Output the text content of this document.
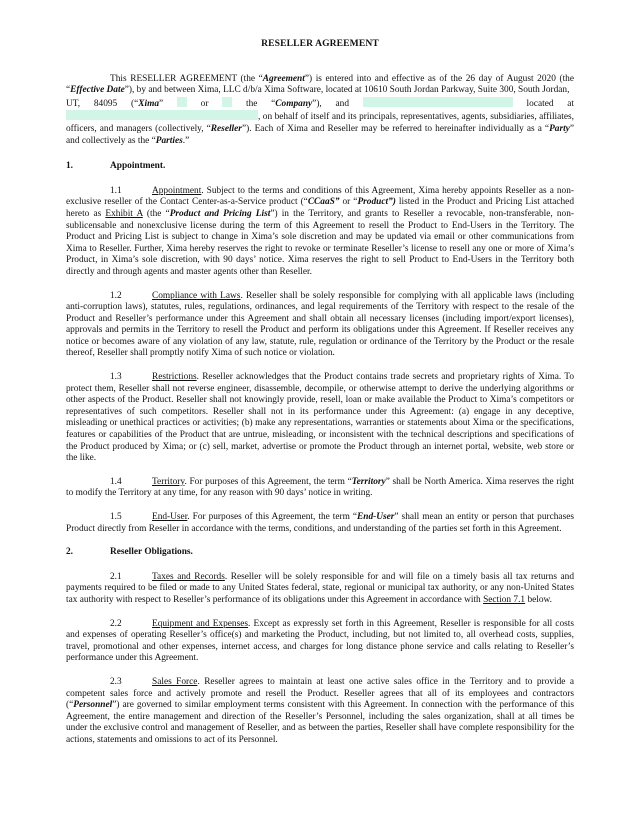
RESELLER AGREEMENT

This RESELLER AGREEMENT (the “Agreement”) is entered into and effective as of the 26 day of August 2020 (the “Effective Date”), by and between Xima, LLC d/b/a Xima Software, located at 10610 South Jordan Parkway, Suite 300, South Jordan,

UT, 84095 (“Xima”	or	the “Company”), and	located at

, on behalf of itself and its principals, representatives, agents, subsidiaries, affiliates, officers, and managers (collectively, “Reseller”). Each of Xima and Reseller may be referred to hereinafter individually as a “Party” and collectively as the “Parties.”

1.	Appointment.

1.1	Appointment. Subject to the terms and conditions of this Agreement, Xima hereby appoints Reseller as a non-exclusive reseller of the Contact Center-as-a-Service product (“CCaaS” or “Product”) listed in the Product and Pricing List attached hereto as Exhibit A (the “Product and Pricing List”) in the Territory, and grants to Reseller a revocable, non-transferable, non-sublicensable and nonexclusive license during the term of this Agreement to resell the Product to End-Users in the Territory. The Product and Pricing List is subject to change in Xima’s sole discretion and may be updated via email or other communications from Xima to Reseller. Further, Xima hereby reserves the right to revoke or terminate Reseller’s license to resell any one or more of Xima’s Product, in Xima’s sole discretion, with 90 days’ notice. Xima reserves the right to sell Product to End-Users in the Territory both directly and through agents and master agents other than Reseller.

1.2	Compliance with Laws. Reseller shall be solely responsible for complying with all applicable laws (including anti-corruption laws), statutes, rules, regulations, ordinances, and legal requirements of the Territory with respect to the resale of the Product and Reseller’s performance under this Agreement and shall obtain all necessary licenses (including import/export licenses), approvals and permits in the Territory to resell the Product and perform its obligations under this Agreement. If Reseller receives any notice or becomes aware of any violation of any law, statute, rule, regulation or ordinance of the Territory by the Product or the resale thereof, Reseller shall promptly notify Xima of such notice or violation.

1.3	Restrictions. Reseller acknowledges that the Product contains trade secrets and proprietary rights of Xima. To protect them, Reseller shall not reverse engineer, disassemble, decompile, or otherwise attempt to derive the underlying algorithms or other aspects of the Product. Reseller shall not knowingly provide, resell, loan or make available the Product to Xima’s competitors or representatives of such competitors. Reseller shall not in its performance under this Agreement: (a) engage in any deceptive, misleading or unethical practices or activities; (b) make any representations, warranties or statements about Xima or the specifications, features or capabilities of the Product that are untrue, misleading, or inconsistent with the technical descriptions and specifications of the Product produced by Xima; or (c) sell, market, advertise or promote the Product through an internet portal, website, web store or the like.

1.4	Territory. For purposes of this Agreement, the term “Territory” shall be North America. Xima reserves the right to modify the Territory at any time, for any reason with 90 days’ notice in writing.

1.5	End-User. For purposes of this Agreement, the term “End-User” shall mean an entity or person that purchases Product directly from Reseller in accordance with the terms, conditions, and understanding of the parties set forth in this Agreement.

2.	Reseller Obligations.

2.1	Taxes and Records. Reseller will be solely responsible for and will file on a timely basis all tax returns and payments required to be filed or made to any United States federal, state, regional or municipal tax authority, or any non-United States tax authority with respect to Reseller’s performance of its obligations under this Agreement in accordance with Section 7.1 below.

2.2	Equipment and Expenses. Except as expressly set forth in this Agreement, Reseller is responsible for all costs and expenses of operating Reseller’s office(s) and marketing the Product, including, but not limited to, all overhead costs, supplies, travel, promotional and other expenses, internet access, and charges for long distance phone service and calls relating to Reseller’s performance under this Agreement.

2.3	Sales Force. Reseller agrees to maintain at least one active sales office in the Territory and to provide a competent sales force and actively promote and resell the Product. Reseller agrees that all of its employees and contractors (“Personnel”) are governed to similar employment terms consistent with this Agreement. In connection with the performance of this Agreement, the entire management and direction of the Reseller’s Personnel, including the sales organization, shall at all times be under the exclusive control and management of Reseller, and as between the parties, Reseller shall have complete responsibility for the actions, statements and omissions to act of its Personnel.
